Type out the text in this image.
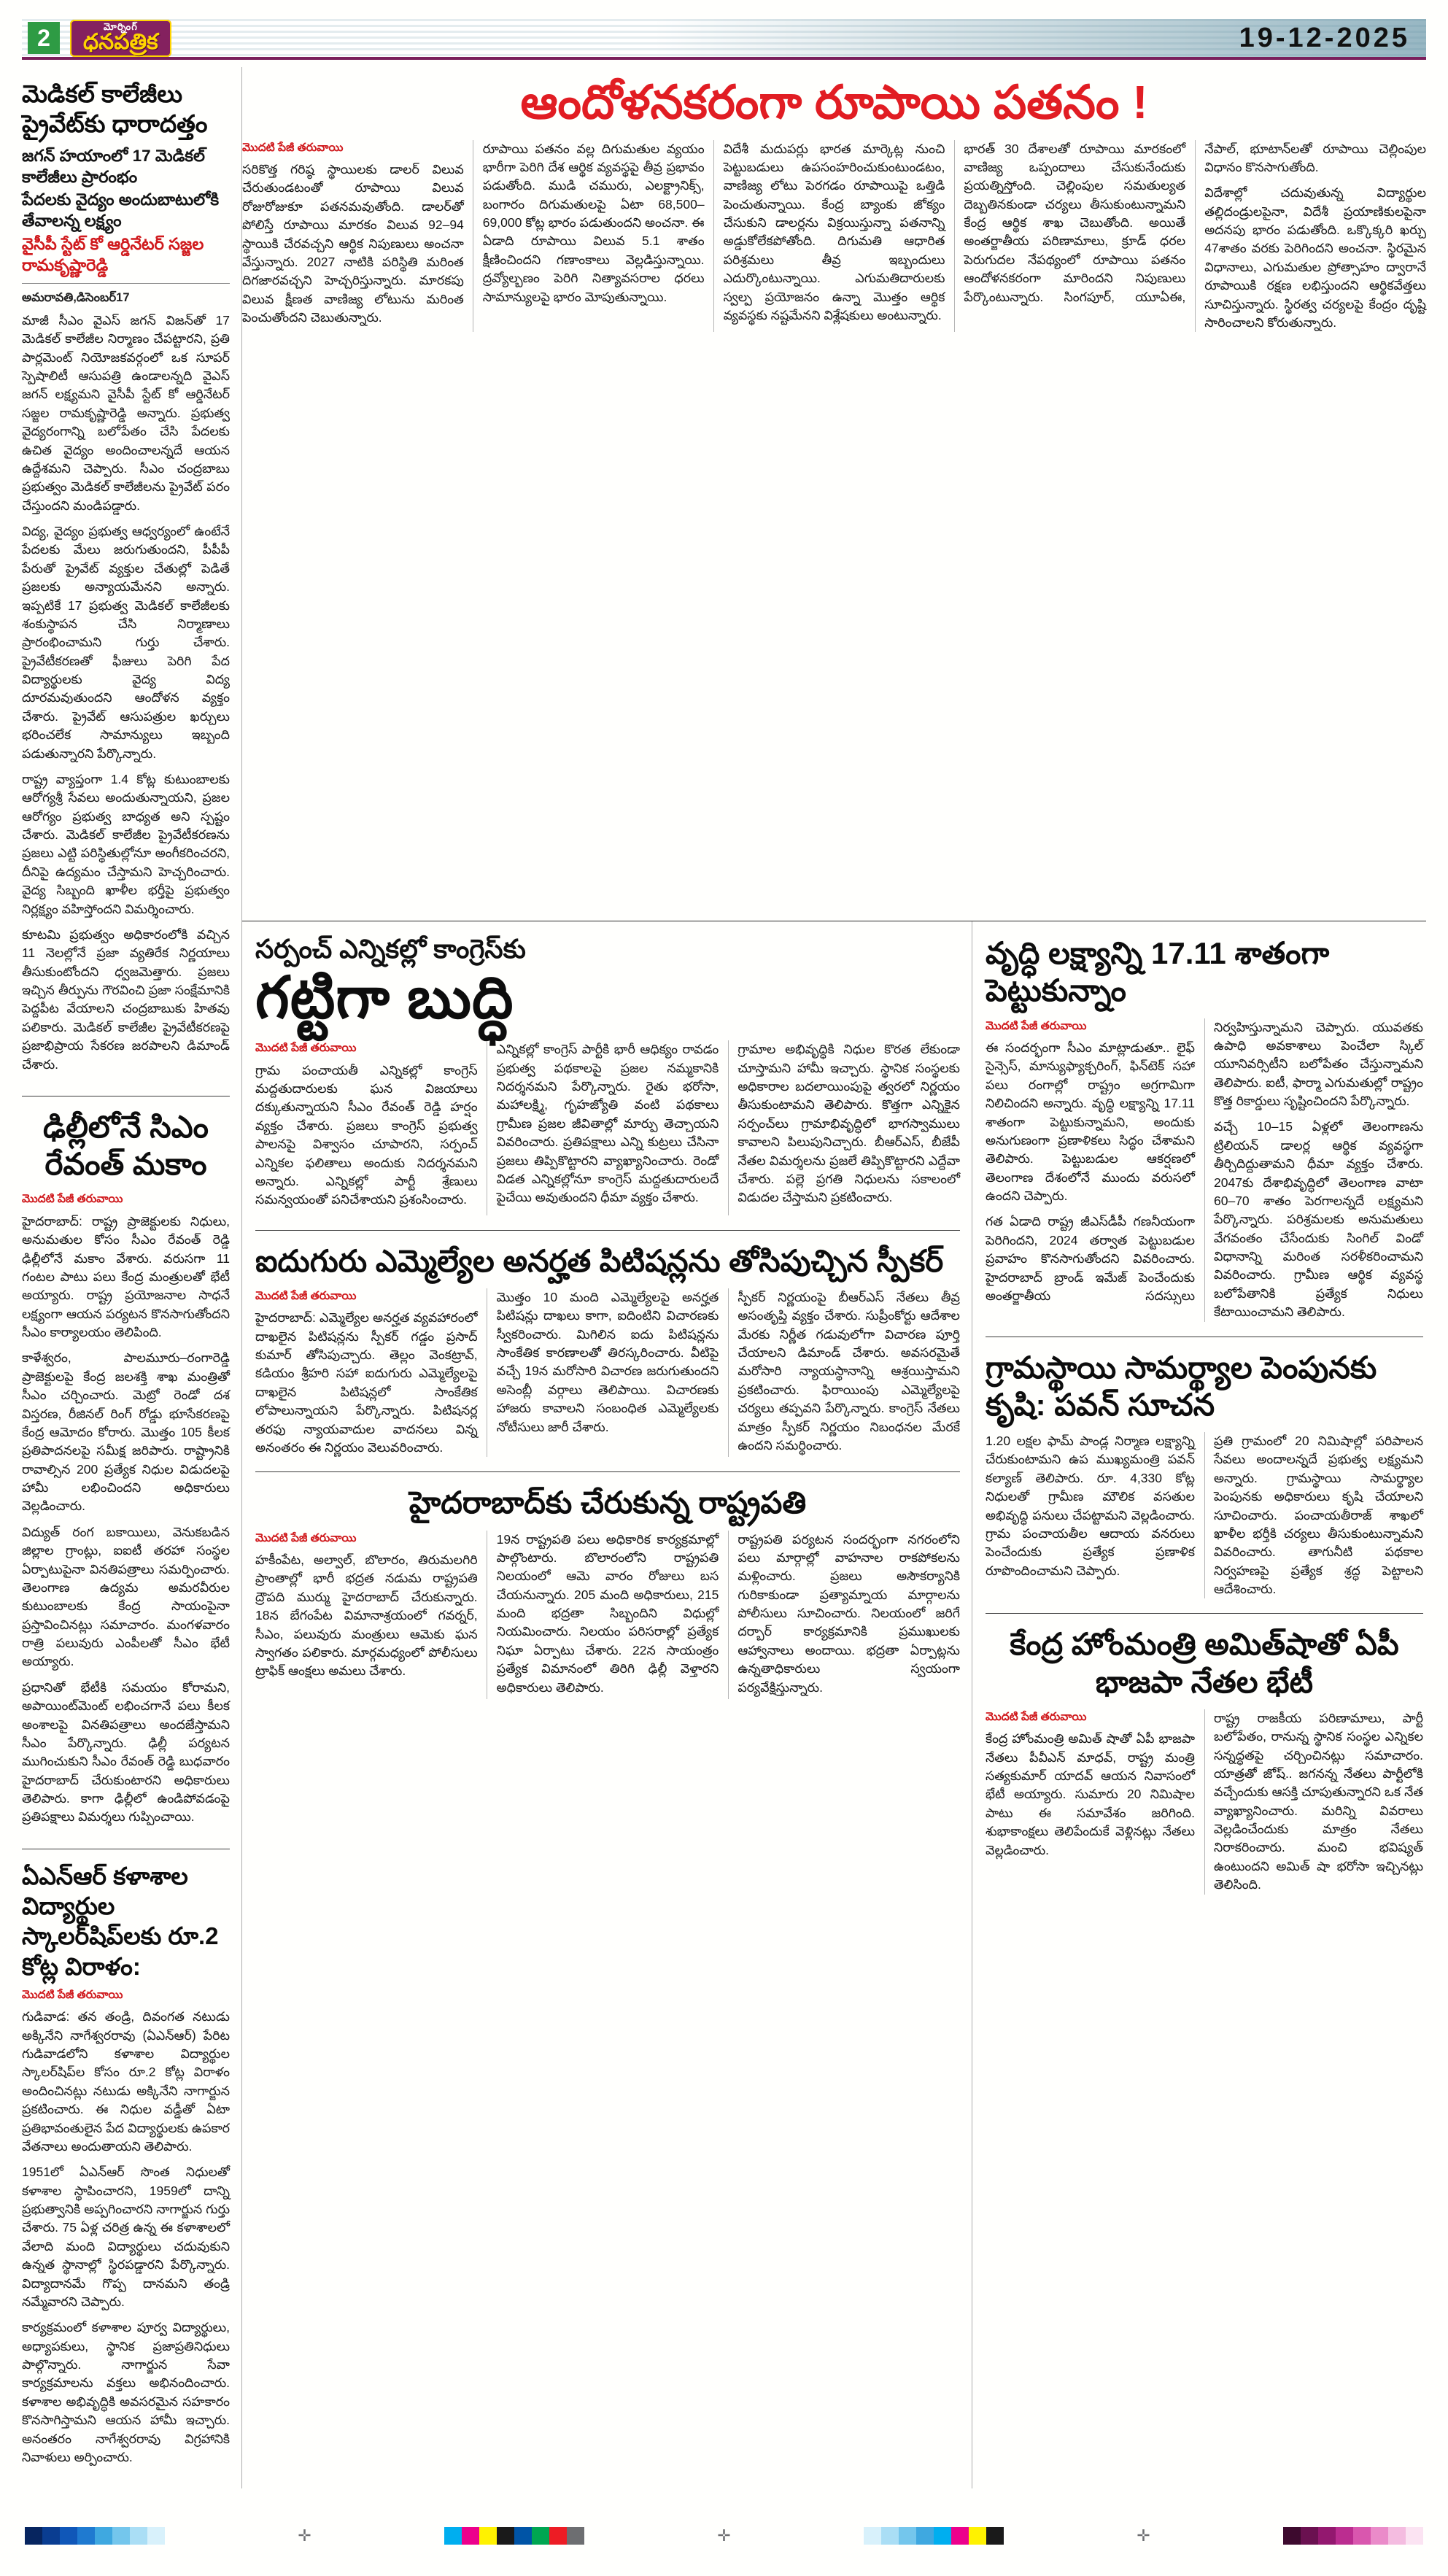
2	మోర్నింగ్
ధనపత్రిక	19-12-2025
మెడికల్ కాలేజీలు ప్రైవేట్‌కు ధారాదత్తం
జగన్ హయాంలో 17 మెడికల్ కాలేజీలు ప్రారంభం
పేదలకు వైద్యం అందుబాటులోకి తేవాలన్న లక్ష్యం
వైసీపీ స్టేట్ కో ఆర్డినేటర్ సజ్జల రామకృష్ణారెడ్డి
అమరావతి,డిసెంబర్17

మాజీ సీఎం వైఎస్ జగన్ విజన్‌తో 17 మెడికల్ కాలేజీల నిర్మాణం చేపట్టారని, ప్రతి పార్లమెంట్ నియోజకవర్గంలో ఒక సూపర్ స్పెషాలిటీ ఆసుపత్రి ఉండాలన్నది వైఎస్ జగన్ లక్ష్యమని వైసీపీ స్టేట్ కో ఆర్డినేటర్ సజ్జల రామకృష్ణారెడ్డి అన్నారు. ప్రభుత్వ వైద్యరంగాన్ని బలోపేతం చేసి పేదలకు ఉచిత వైద్యం అందించాలన్నదే ఆయన ఉద్దేశమని చెప్పారు. సీఎం చంద్రబాబు ప్రభుత్వం మెడికల్ కాలేజీలను ప్రైవేట్ పరం చేస్తుందని మండిపడ్డారు.

విద్య, వైద్యం ప్రభుత్వ ఆధ్వర్యంలో ఉంటేనే పేదలకు మేలు జరుగుతుందని, పీపీపీ పేరుతో ప్రైవేట్ వ్యక్తుల చేతుల్లో పెడితే ప్రజలకు అన్యాయమేనని అన్నారు. ఇప్పటికే 17 ప్రభుత్వ మెడికల్ కాలేజీలకు శంకుస్థాపన చేసి నిర్మాణాలు ప్రారంభించామని గుర్తు చేశారు. ప్రైవేటీకరణతో ఫీజులు పెరిగి పేద విద్యార్థులకు వైద్య విద్య దూరమవుతుందని ఆందోళన వ్యక్తం చేశారు. ప్రైవేట్ ఆసుపత్రుల ఖర్చులు భరించలేక సామాన్యులు ఇబ్బంది పడుతున్నారని పేర్కొన్నారు.

రాష్ట్ర వ్యాప్తంగా 1.4 కోట్ల కుటుంబాలకు ఆరోగ్యశ్రీ సేవలు అందుతున్నాయని, ప్రజల ఆరోగ్యం ప్రభుత్వ బాధ్యత అని స్పష్టం చేశారు. మెడికల్ కాలేజీల ప్రైవేటీకరణను ప్రజలు ఎట్టి పరిస్థితుల్లోనూ అంగీకరించరని, దీనిపై ఉద్యమం చేస్తామని హెచ్చరించారు. వైద్య సిబ్బంది ఖాళీల భర్తీపై ప్రభుత్వం నిర్లక్ష్యం వహిస్తోందని విమర్శించారు.

కూటమి ప్రభుత్వం అధికారంలోకి వచ్చిన 11 నెలల్లోనే ప్రజా వ్యతిరేక నిర్ణయాలు తీసుకుంటోందని ధ్వజమెత్తారు. ప్రజలు ఇచ్చిన తీర్పును గౌరవించి ప్రజా సంక్షేమానికి పెద్దపీట వేయాలని చంద్రబాబుకు హితవు పలికారు. మెడికల్ కాలేజీల ప్రైవేటీకరణపై ప్రజాభిప్రాయ సేకరణ జరపాలని డిమాండ్ చేశారు.

ఢిల్లీలోనే సిఎం రేవంత్ మకాం
మొదటి పేజీ తరువాయి

హైదరాబాద్: రాష్ట్ర ప్రాజెక్టులకు నిధులు, అనుమతుల కోసం సీఎం రేవంత్ రెడ్డి ఢిల్లీలోనే మకాం వేశారు. వరుసగా 11 గంటల పాటు పలు కేంద్ర మంత్రులతో భేటీ అయ్యారు. రాష్ట్ర ప్రయోజనాల సాధనే లక్ష్యంగా ఆయన పర్యటన కొనసాగుతోందని సీఎం కార్యాలయం తెలిపింది.

కాళేశ్వరం, పాలమూరు–రంగారెడ్డి ప్రాజెక్టులపై కేంద్ర జలశక్తి శాఖ మంత్రితో సీఎం చర్చించారు. మెట్రో రెండో దశ విస్తరణ, రీజినల్ రింగ్ రోడ్డు భూసేకరణపై కేంద్ర ఆమోదం కోరారు. మొత్తం 105 కీలక ప్రతిపాదనలపై సమీక్ష జరిపారు. రాష్ట్రానికి రావాల్సిన 200 ప్రత్యేక నిధుల విడుదలపై హామీ లభించిందని అధికారులు వెల్లడించారు.

విద్యుత్ రంగ బకాయిలు, వెనుకబడిన జిల్లాల గ్రాంట్లు, ఐఐటీ తరహా సంస్థల ఏర్పాటుపైనా వినతిపత్రాలు సమర్పించారు. తెలంగాణ ఉద్యమ అమరవీరుల కుటుంబాలకు కేంద్ర సాయంపైనా ప్రస్తావించినట్లు సమాచారం. మంగళవారం రాత్రి పలువురు ఎంపీలతో సీఎం భేటీ అయ్యారు.

ప్రధానితో భేటీకి సమయం కోరామని, అపాయింట్‌మెంట్ లభించగానే పలు కీలక అంశాలపై వినతిపత్రాలు అందజేస్తామని సీఎం పేర్కొన్నారు. ఢిల్లీ పర్యటన ముగించుకుని సీఎం రేవంత్ రెడ్డి బుధవారం హైదరాబాద్ చేరుకుంటారని అధికారులు తెలిపారు. కాగా ఢిల్లీలో ఉండిపోవడంపై ప్రతిపక్షాలు విమర్శలు గుప్పించాయి.

ఏఎన్ఆర్ కళాశాల విద్యార్థుల స్కాలర్‌షిప్‌లకు రూ.2 కోట్ల విరాళం:
మొదటి పేజీ తరువాయి

గుడివాడ: తన తండ్రి, దివంగత నటుడు అక్కినేని నాగేశ్వరరావు (ఏఎన్ఆర్) పేరిట గుడివాడలోని కళాశాల విద్యార్థుల స్కాలర్‌షిప్‌ల కోసం రూ.2 కోట్ల విరాళం అందించినట్లు నటుడు అక్కినేని నాగార్జున ప్రకటించారు. ఈ నిధుల వడ్డీతో ఏటా ప్రతిభావంతులైన పేద విద్యార్థులకు ఉపకార వేతనాలు అందుతాయని తెలిపారు.

1951లో ఏఎన్ఆర్ సొంత నిధులతో కళాశాల స్థాపించారని, 1959లో దాన్ని ప్రభుత్వానికి అప్పగించారని నాగార్జున గుర్తు చేశారు. 75 ఏళ్ల చరిత్ర ఉన్న ఈ కళాశాలలో వేలాది మంది విద్యార్థులు చదువుకుని ఉన్నత స్థానాల్లో స్థిరపడ్డారని పేర్కొన్నారు. విద్యాదానమే గొప్ప దానమని తండ్రి నమ్మేవారని చెప్పారు.

కార్యక్రమంలో కళాశాల పూర్వ విద్యార్థులు, అధ్యాపకులు, స్థానిక ప్రజాప్రతినిధులు పాల్గొన్నారు. నాగార్జున సేవా కార్యక్రమాలను వక్తలు అభినందించారు. కళాశాల అభివృద్ధికి అవసరమైన సహకారం కొనసాగిస్తామని ఆయన హామీ ఇచ్చారు. అనంతరం నాగేశ్వరరావు విగ్రహానికి నివాళులు అర్పించారు.

ఆందోళనకరంగా రూపాయి పతనం !
మొదటి పేజీ తరువాయి

సరికొత్త గరిష్ఠ స్థాయిలకు డాలర్ విలువ చేరుతుండటంతో రూపాయి విలువ రోజురోజుకూ పతనమవుతోంది. డాలర్‌తో పోలిస్తే రూపాయి మారకం విలువ 92–94 స్థాయికి చేరవచ్చని ఆర్థిక నిపుణులు అంచనా వేస్తున్నారు. 2027 నాటికి పరిస్థితి మరింత దిగజారవచ్చని హెచ్చరిస్తున్నారు. మారకపు విలువ క్షీణత వాణిజ్య లోటును మరింత పెంచుతోందని చెబుతున్నారు.

రూపాయి పతనం వల్ల దిగుమతుల వ్యయం భారీగా పెరిగి దేశ ఆర్థిక వ్యవస్థపై తీవ్ర ప్రభావం పడుతోంది. ముడి చమురు, ఎలక్ట్రానిక్స్, బంగారం దిగుమతులపై ఏటా 68,500–69,000 కోట్ల భారం పడుతుందని అంచనా. ఈ ఏడాది రూపాయి విలువ 5.1 శాతం క్షీణించిందని గణాంకాలు వెల్లడిస్తున్నాయి. ద్రవ్యోల్బణం పెరిగి నిత్యావసరాల ధరలు సామాన్యులపై భారం మోపుతున్నాయి.

విదేశీ మదుపర్లు భారత మార్కెట్ల నుంచి పెట్టుబడులు ఉపసంహరించుకుంటుండటం, వాణిజ్య లోటు పెరగడం రూపాయిపై ఒత్తిడి పెంచుతున్నాయి. కేంద్ర బ్యాంకు జోక్యం చేసుకుని డాలర్లను విక్రయిస్తున్నా పతనాన్ని అడ్డుకోలేకపోతోంది. దిగుమతి ఆధారిత పరిశ్రమలు తీవ్ర ఇబ్బందులు ఎదుర్కొంటున్నాయి. ఎగుమతిదారులకు స్వల్ప ప్రయోజనం ఉన్నా మొత్తం ఆర్థిక వ్యవస్థకు నష్టమేనని విశ్లేషకులు అంటున్నారు.

భారత్ 30 దేశాలతో రూపాయి మారకంలో వాణిజ్య ఒప్పందాలు చేసుకునేందుకు ప్రయత్నిస్తోంది. చెల్లింపుల సమతుల్యత దెబ్బతినకుండా చర్యలు తీసుకుంటున్నామని కేంద్ర ఆర్థిక శాఖ చెబుతోంది. అయితే అంతర్జాతీయ పరిణామాలు, క్రూడ్ ధరల పెరుగుదల నేపథ్యంలో రూపాయి పతనం ఆందోళనకరంగా మారిందని నిపుణులు పేర్కొంటున్నారు. సింగపూర్, యూఏఈ, నేపాల్, భూటాన్‌లతో రూపాయి చెల్లింపుల విధానం కొనసాగుతోంది.

విదేశాల్లో చదువుతున్న విద్యార్థుల తల్లిదండ్రులపైనా, విదేశీ ప్రయాణికులపైనా అదనపు భారం పడుతోంది. ఒక్కొక్కరి ఖర్చు 47శాతం వరకు పెరిగిందని అంచనా. స్థిరమైన విధానాలు, ఎగుమతుల ప్రోత్సాహం ద్వారానే రూపాయికి రక్షణ లభిస్తుందని ఆర్థికవేత్తలు సూచిస్తున్నారు. స్థిరత్వ చర్యలపై కేంద్రం దృష్టి సారించాలని కోరుతున్నారు.

సర్పంచ్ ఎన్నికల్లో కాంగ్రెస్‌కు
గట్టిగా బుద్ధి
మొదటి పేజీ తరువాయి

గ్రామ పంచాయతీ ఎన్నికల్లో కాంగ్రెస్ మద్దతుదారులకు ఘన విజయాలు దక్కుతున్నాయని సీఎం రేవంత్ రెడ్డి హర్షం వ్యక్తం చేశారు. ప్రజలు కాంగ్రెస్ ప్రభుత్వ పాలనపై విశ్వాసం చూపారని, సర్పంచ్ ఎన్నికల ఫలితాలు అందుకు నిదర్శనమని అన్నారు. ఎన్నికల్లో పార్టీ శ్రేణులు సమన్వయంతో పనిచేశాయని ప్రశంసించారు.

ఎన్నికల్లో కాంగ్రెస్ పార్టీకి భారీ ఆధిక్యం రావడం ప్రభుత్వ పథకాలపై ప్రజల నమ్మకానికి నిదర్శనమని పేర్కొన్నారు. రైతు భరోసా, మహాలక్ష్మి, గృహజ్యోతి వంటి పథకాలు గ్రామీణ ప్రజల జీవితాల్లో మార్పు తెచ్చాయని వివరించారు. ప్రతిపక్షాలు ఎన్ని కుట్రలు చేసినా ప్రజలు తిప్పికొట్టారని వ్యాఖ్యానించారు. రెండో విడత ఎన్నికల్లోనూ కాంగ్రెస్ మద్దతుదారులదే పైచేయి అవుతుందని ధీమా వ్యక్తం చేశారు.

గ్రామాల అభివృద్ధికి నిధుల కొరత లేకుండా చూస్తామని హామీ ఇచ్చారు. స్థానిక సంస్థలకు అధికారాల బదలాయింపుపై త్వరలో నిర్ణయం తీసుకుంటామని తెలిపారు. కొత్తగా ఎన్నికైన సర్పంచ్‌లు గ్రామాభివృద్ధిలో భాగస్వాములు కావాలని పిలుపునిచ్చారు. బీఆర్ఎస్, బీజేపీ నేతల విమర్శలను ప్రజలే తిప్పికొట్టారని ఎద్దేవా చేశారు. పల్లె ప్రగతి నిధులను సకాలంలో విడుదల చేస్తామని ప్రకటించారు.

ఐదుగురు ఎమ్మెల్యేల అనర్హత పిటిషన్లను తోసిపుచ్చిన స్పీకర్
మొదటి పేజీ తరువాయి

హైదరాబాద్: ఎమ్మెల్యేల అనర్హత వ్యవహారంలో దాఖలైన పిటిషన్లను స్పీకర్ గడ్డం ప్రసాద్ కుమార్ తోసిపుచ్చారు. తెల్లం వెంకట్రావ్, కడియం శ్రీహరి సహా ఐదుగురు ఎమ్మెల్యేలపై దాఖలైన పిటిషన్లలో సాంకేతిక లోపాలున్నాయని పేర్కొన్నారు. పిటిషనర్ల తరఫు న్యాయవాదుల వాదనలు విన్న అనంతరం ఈ నిర్ణయం వెలువరించారు.

మొత్తం 10 మంది ఎమ్మెల్యేలపై అనర్హత పిటిషన్లు దాఖలు కాగా, ఐదింటిని విచారణకు స్వీకరించారు. మిగిలిన ఐదు పిటిషన్లను సాంకేతిక కారణాలతో తిరస్కరించారు. వీటిపై వచ్చే 19న మరోసారి విచారణ జరుగుతుందని అసెంబ్లీ వర్గాలు తెలిపాయి. విచారణకు హాజరు కావాలని సంబంధిత ఎమ్మెల్యేలకు నోటీసులు జారీ చేశారు.

స్పీకర్ నిర్ణయంపై బీఆర్ఎస్ నేతలు తీవ్ర అసంతృప్తి వ్యక్తం చేశారు. సుప్రీంకోర్టు ఆదేశాల మేరకు నిర్ణీత గడువులోగా విచారణ పూర్తి చేయాలని డిమాండ్ చేశారు. అవసరమైతే మరోసారి న్యాయస్థానాన్ని ఆశ్రయిస్తామని ప్రకటించారు. ఫిరాయింపు ఎమ్మెల్యేలపై చర్యలు తప్పవని పేర్కొన్నారు. కాంగ్రెస్ నేతలు మాత్రం స్పీకర్ నిర్ణయం నిబంధనల మేరకే ఉందని సమర్థించారు.

హైదరాబాద్‌కు చేరుకున్న రాష్ట్రపతి
మొదటి పేజీ తరువాయి

హకీంపేట, అల్వాల్, బొలారం, తిరుమలగిరి ప్రాంతాల్లో భారీ భద్రత నడుమ రాష్ట్రపతి ద్రౌపది ముర్ము హైదరాబాద్ చేరుకున్నారు. 18న బేగంపేట విమానాశ్రయంలో గవర్నర్, సీఎం, పలువురు మంత్రులు ఆమెకు ఘన స్వాగతం పలికారు. మార్గమధ్యంలో పోలీసులు ట్రాఫిక్ ఆంక్షలు అమలు చేశారు.

19న రాష్ట్రపతి పలు అధికారిక కార్యక్రమాల్లో పాల్గొంటారు. బొలారంలోని రాష్ట్రపతి నిలయంలో ఆమె వారం రోజులు బస చేయనున్నారు. 205 మంది అధికారులు, 215 మంది భద్రతా సిబ్బందిని విధుల్లో నియమించారు. నిలయం పరిసరాల్లో ప్రత్యేక నిఘా ఏర్పాటు చేశారు. 22న సాయంత్రం ప్రత్యేక విమానంలో తిరిగి ఢిల్లీ వెళ్తారని అధికారులు తెలిపారు.

రాష్ట్రపతి పర్యటన సందర్భంగా నగరంలోని పలు మార్గాల్లో వాహనాల రాకపోకలను మళ్లించారు. ప్రజలు అసౌకర్యానికి గురికాకుండా ప్రత్యామ్నాయ మార్గాలను పోలీసులు సూచించారు. నిలయంలో జరిగే దర్బార్ కార్యక్రమానికి ప్రముఖులకు ఆహ్వానాలు అందాయి. భద్రతా ఏర్పాట్లను ఉన్నతాధికారులు స్వయంగా పర్యవేక్షిస్తున్నారు.

వృద్ధి లక్ష్యాన్ని 17.11 శాతంగా పెట్టుకున్నాం
మొదటి పేజీ తరువాయి

ఈ సందర్భంగా సీఎం మాట్లాడుతూ.. లైఫ్ సైన్సెస్, మాన్యుఫ్యాక్చరింగ్, ఫిన్‌టెక్ సహా పలు రంగాల్లో రాష్ట్రం అగ్రగామిగా నిలిచిందని అన్నారు. వృద్ధి లక్ష్యాన్ని 17.11 శాతంగా పెట్టుకున్నామని, అందుకు అనుగుణంగా ప్రణాళికలు సిద్ధం చేశామని తెలిపారు. పెట్టుబడుల ఆకర్షణలో తెలంగాణ దేశంలోనే ముందు వరుసలో ఉందని చెప్పారు.

గత ఏడాది రాష్ట్ర జీఎస్‌డీపీ గణనీయంగా పెరిగిందని, 2024 తర్వాత పెట్టుబడుల ప్రవాహం కొనసాగుతోందని వివరించారు. హైదరాబాద్ బ్రాండ్ ఇమేజ్ పెంచేందుకు అంతర్జాతీయ సదస్సులు నిర్వహిస్తున్నామని చెప్పారు. యువతకు ఉపాధి అవకాశాలు పెంచేలా స్కిల్ యూనివర్సిటీని బలోపేతం చేస్తున్నామని తెలిపారు. ఐటీ, ఫార్మా ఎగుమతుల్లో రాష్ట్రం కొత్త రికార్డులు సృష్టించిందని పేర్కొన్నారు.

వచ్చే 10–15 ఏళ్లలో తెలంగాణను ట్రిలియన్ డాలర్ల ఆర్థిక వ్యవస్థగా తీర్చిదిద్దుతామని ధీమా వ్యక్తం చేశారు. 2047కు దేశాభివృద్ధిలో తెలంగాణ వాటా 60–70 శాతం పెరగాలన్నదే లక్ష్యమని పేర్కొన్నారు. పరిశ్రమలకు అనుమతులు వేగవంతం చేసేందుకు సింగిల్ విండో విధానాన్ని మరింత సరళీకరించామని వివరించారు. గ్రామీణ ఆర్థిక వ్యవస్థ బలోపేతానికి ప్రత్యేక నిధులు కేటాయించామని తెలిపారు.

గ్రామస్థాయి సామర్థ్యాల పెంపునకు కృషి: పవన్ సూచన

1.20 లక్షల ఫామ్ పాండ్ల నిర్మాణ లక్ష్యాన్ని చేరుకుంటామని ఉప ముఖ్యమంత్రి పవన్ కల్యాణ్ తెలిపారు. రూ. 4,330 కోట్ల నిధులతో గ్రామీణ మౌలిక వసతుల అభివృద్ధి పనులు చేపట్టామని వెల్లడించారు. గ్రామ పంచాయతీల ఆదాయ వనరులు పెంచేందుకు ప్రత్యేక ప్రణాళిక రూపొందించామని చెప్పారు.

ప్రతి గ్రామంలో 20 నిమిషాల్లో పరిపాలన సేవలు అందాలన్నదే ప్రభుత్వ లక్ష్యమని అన్నారు. గ్రామస్థాయి సామర్థ్యాల పెంపునకు అధికారులు కృషి చేయాలని సూచించారు. పంచాయతీరాజ్ శాఖలో ఖాళీల భర్తీకి చర్యలు తీసుకుంటున్నామని వివరించారు. తాగునీటి పథకాల నిర్వహణపై ప్రత్యేక శ్రద్ధ పెట్టాలని ఆదేశించారు.

కేంద్ర హోంమంత్రి అమిత్‌షాతో ఏపీ భాజపా నేతల భేటీ
మొదటి పేజీ తరువాయి

కేంద్ర హోంమంత్రి అమిత్ షాతో ఏపీ భాజపా నేతలు పీవీఎన్ మాధవ్, రాష్ట్ర మంత్రి సత్యకుమార్ యాదవ్ ఆయన నివాసంలో భేటీ అయ్యారు. సుమారు 20 నిమిషాల పాటు ఈ సమావేశం జరిగింది. శుభాకాంక్షలు తెలిపేందుకే వెళ్లినట్లు నేతలు వెల్లడించారు.

రాష్ట్ర రాజకీయ పరిణామాలు, పార్టీ బలోపేతం, రానున్న స్థానిక సంస్థల ఎన్నికల సన్నద్ధతపై చర్చించినట్లు సమాచారం. యాత్రతో జోష్.. జగనన్న నేతలు పార్టీలోకి వచ్చేందుకు ఆసక్తి చూపుతున్నారని ఒక నేత వ్యాఖ్యానించారు. మరిన్ని వివరాలు వెల్లడించేందుకు మాత్రం నేతలు నిరాకరించారు. మంచి భవిష్యత్ ఉంటుందని అమిత్ షా భరోసా ఇచ్చినట్లు తెలిసింది.

✛	✛	✛
